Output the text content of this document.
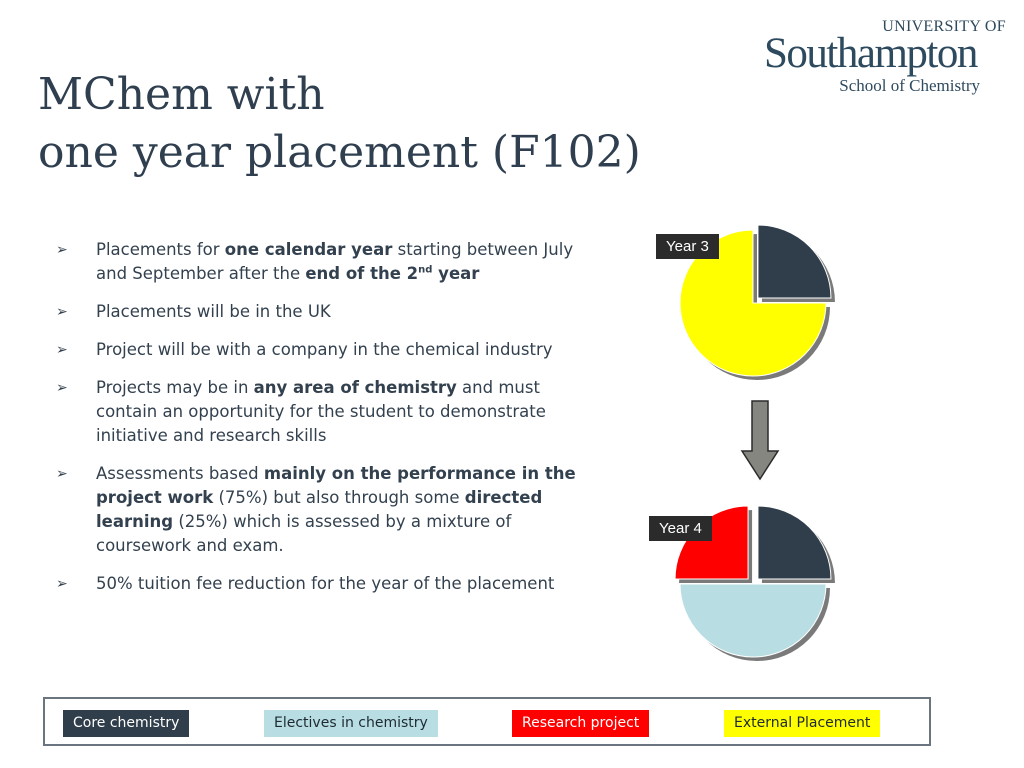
MChem with
one year placement (F102)
UNIVERSITY OF
Southampton
School of Chemistry
➢ Placements for one calendar year starting between July and September after the end of the 2nd year
➢ Placements will be in the UK
➢ Project will be with a company in the chemical industry
➢ Projects may be in any area of chemistry and must contain an opportunity for the student to demonstrate initiative and research skills
➢ Assessments based mainly on the performance in the project work (75%) but also through some directed learning (25%) which is assessed by a mixture of coursework and exam.
➢ 50% tuition fee reduction for the year of the placement
Year 3
Year 4
Core chemistry	Electives in chemistry	Research project	External Placement
